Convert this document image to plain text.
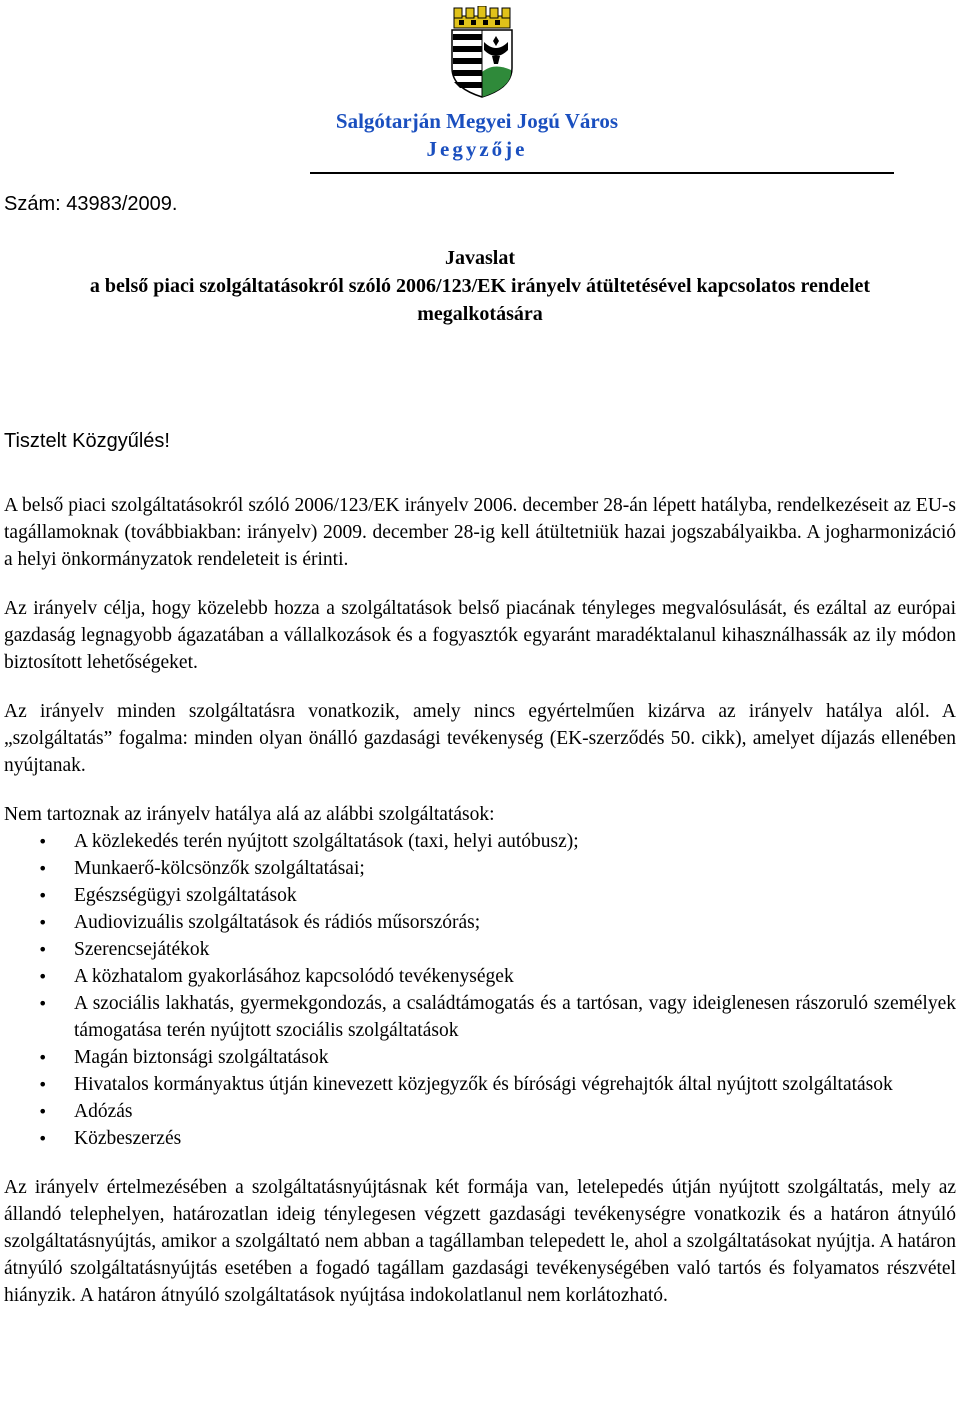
Salgótarján Megyei Jogú Város
Jegyzője
Szám: 43983/2009.
Javaslat
a belső piaci szolgáltatásokról szóló 2006/123/EK irányelv átültetésével kapcsolatos rendelet
megalkotására
Tisztelt Közgyűlés!

A belső piaci szolgáltatásokról szóló 2006/123/EK irányelv 2006. december 28-án lépett hatályba, rendelkezéseit az EU-s tagállamoknak (továbbiakban: irányelv) 2009. december 28-ig kell átültetniük hazai jogszabályaikba. A jogharmonizáció a helyi önkormányzatok rendeleteit is érinti.

Az irányelv célja, hogy közelebb hozza a szolgáltatások belső piacának tényleges megvalósulását, és ezáltal az európai gazdaság legnagyobb ágazatában a vállalkozások és a fogyasztók egyaránt maradéktalanul kihasználhassák az ily módon biztosított lehetőségeket.

Az irányelv minden szolgáltatásra vonatkozik, amely nincs egyértelműen kizárva az irányelv hatálya alól. A „szolgáltatás” fogalma: minden olyan önálló gazdasági tevékenység (EK-szerződés 50. cikk), amelyet díjazás ellenében nyújtanak.

Nem tartoznak az irányelv hatálya alá az alábbi szolgáltatások:

• A közlekedés terén nyújtott szolgáltatások (taxi, helyi autóbusz);
• Munkaerő-kölcsönzők szolgáltatásai;
• Egészségügyi szolgáltatások
• Audiovizuális szolgáltatások és rádiós műsorszórás;
• Szerencsejátékok
• A közhatalom gyakorlásához kapcsolódó tevékenységek
• A szociális lakhatás, gyermekgondozás, a családtámogatás és a tartósan, vagy ideiglenesen rászoruló személyek támogatása terén nyújtott szociális szolgáltatások
• Magán biztonsági szolgáltatások
• Hivatalos kormányaktus útján kinevezett közjegyzők és bírósági végrehajtók által nyújtott szolgáltatások
• Adózás
• Közbeszerzés

Az irányelv értelmezésében a szolgáltatásnyújtásnak két formája van, letelepedés útján nyújtott szolgáltatás, mely az állandó telephelyen, határozatlan ideig ténylegesen végzett gazdasági tevékenységre vonatkozik és a határon átnyúló szolgáltatásnyújtás, amikor a szolgáltató nem abban a tagállamban telepedett le, ahol a szolgáltatásokat nyújtja. A határon átnyúló szolgáltatásnyújtás esetében a fogadó tagállam gazdasági tevékenységében való tartós és folyamatos részvétel hiányzik. A határon átnyúló szolgáltatások nyújtása indokolatlanul nem korlátozható.
